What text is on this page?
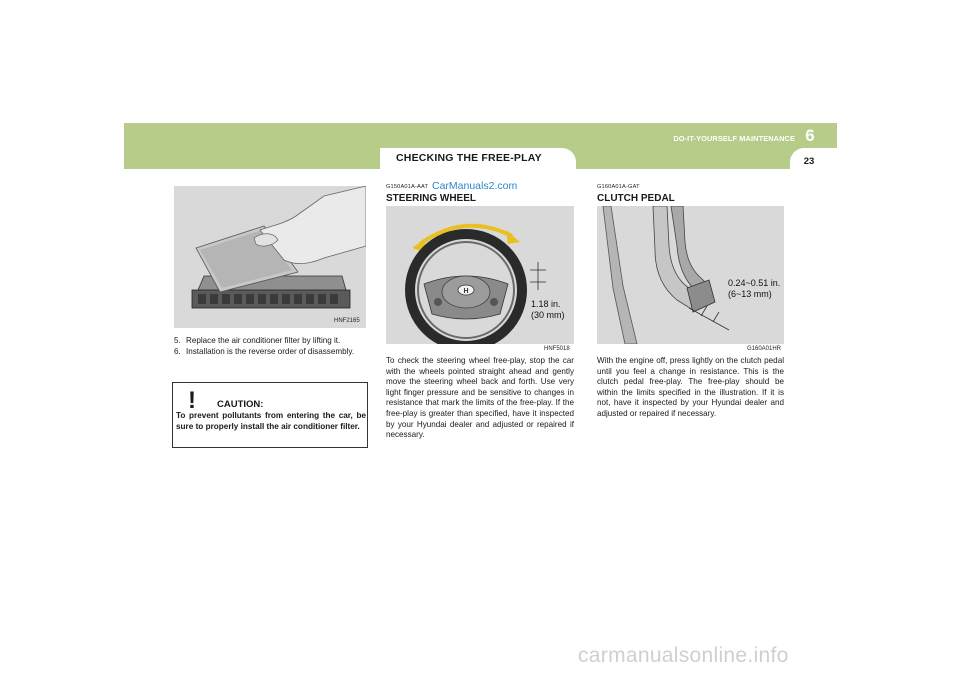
CHECKING THE FREE-PLAY
6
DO-IT-YOURSELF MAINTENANCE
23
HNF2165
5. Replace the air conditioner filter by lifting it.
6. Installation is the reverse order of disassembly.
!	CAUTION:
To prevent pollutants from entering the car, be sure to properly install the air conditioner filter.
G150A01A-AAT CarManuals2.com
STEERING WHEEL
H
1.18 in.
(30 mm)
HNF5018
To check the steering wheel free-play, stop the car with the wheels pointed straight ahead and gently move the steering wheel back and forth. Use very light finger pressure and be sensitive to changes in resistance that mark the limits of the free-play. If the free-play is greater than specified, have it inspected by your Hyundai dealer and adjusted or repaired if necessary.
G160A01A-GAT
CLUTCH PEDAL
0.24~0.51 in.
(6~13 mm)
G160A01HR
With the engine off, press lightly on the clutch pedal until you feel a change in resistance. This is the clutch pedal free-play. The free-play should be within the limits specified in the illustration. If it is not, have it inspected by your Hyundai dealer and adjusted or repaired if necessary.
carmanualsonline.info
